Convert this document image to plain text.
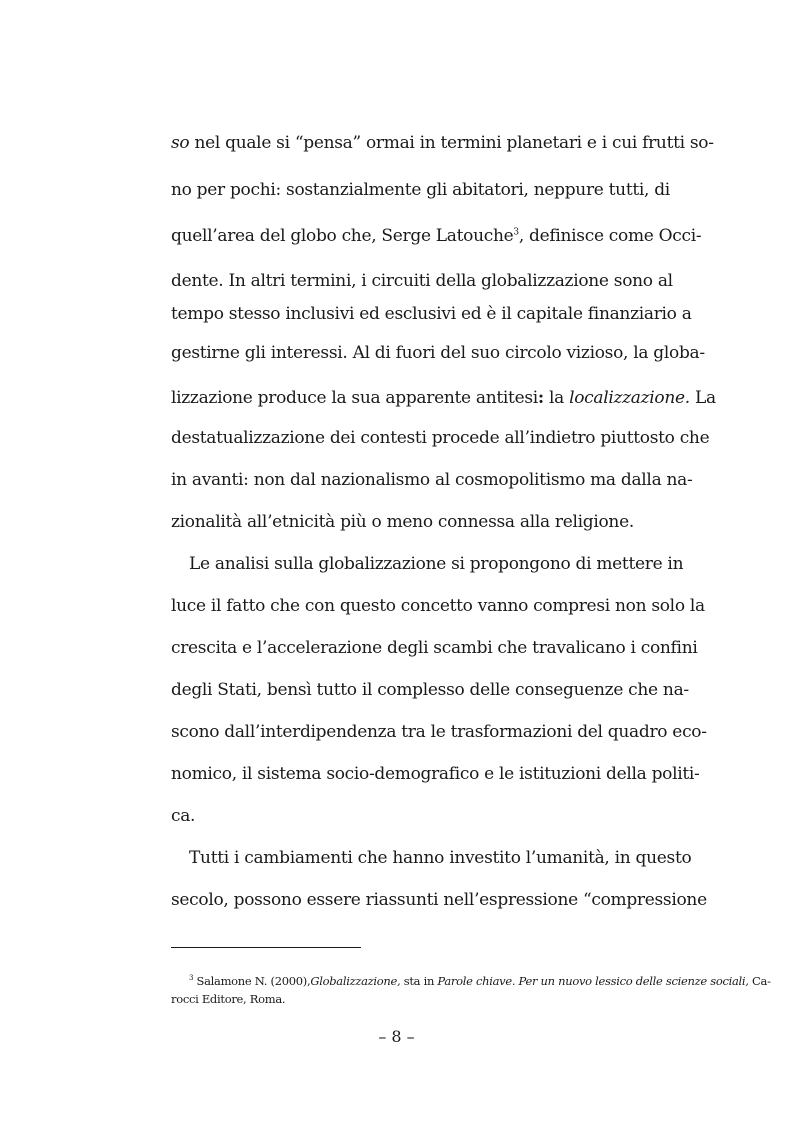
so nel quale si “pensa” ormai in termini planetari e i cui frutti so-
no per pochi: sostanzialmente gli abitatori, neppure tutti, di
quell’area del globo che, Serge Latouche$^3$, definisce come Occi-
dente. In altri termini, i circuiti della globalizzazione sono al
tempo stesso inclusivi ed esclusivi ed è il capitale finanziario a
gestirne gli interessi. Al di fuori del suo circolo vizioso, la globa-
lizzazione produce la sua apparente antitesi: la localizzazione. La
destatualizzazione dei contesti procede all’indietro piuttosto che
in avanti: non dal nazionalismo al cosmopolitismo ma dalla na-
zionalità all’etnicità più o meno connessa alla religione.
Le analisi sulla globalizzazione si propongono di mettere in
luce il fatto che con questo concetto vanno compresi non solo la
crescita e l’accelerazione degli scambi che travalicano i confini
degli Stati, bensì tutto il complesso delle conseguenze che na-
scono dall’interdipendenza tra le trasformazioni del quadro eco-
nomico, il sistema socio-demografico e le istituzioni della politi-
ca.
Tutti i cambiamenti che hanno investito l’umanità, in questo
secolo, possono essere riassunti nell’espressione “compressione
$^3$ Salamone N. (2000),Globalizzazione, sta in Parole chiave. Per un nuovo lessico delle scienze sociali, Ca-
rocci Editore, Roma.
– 8 –
